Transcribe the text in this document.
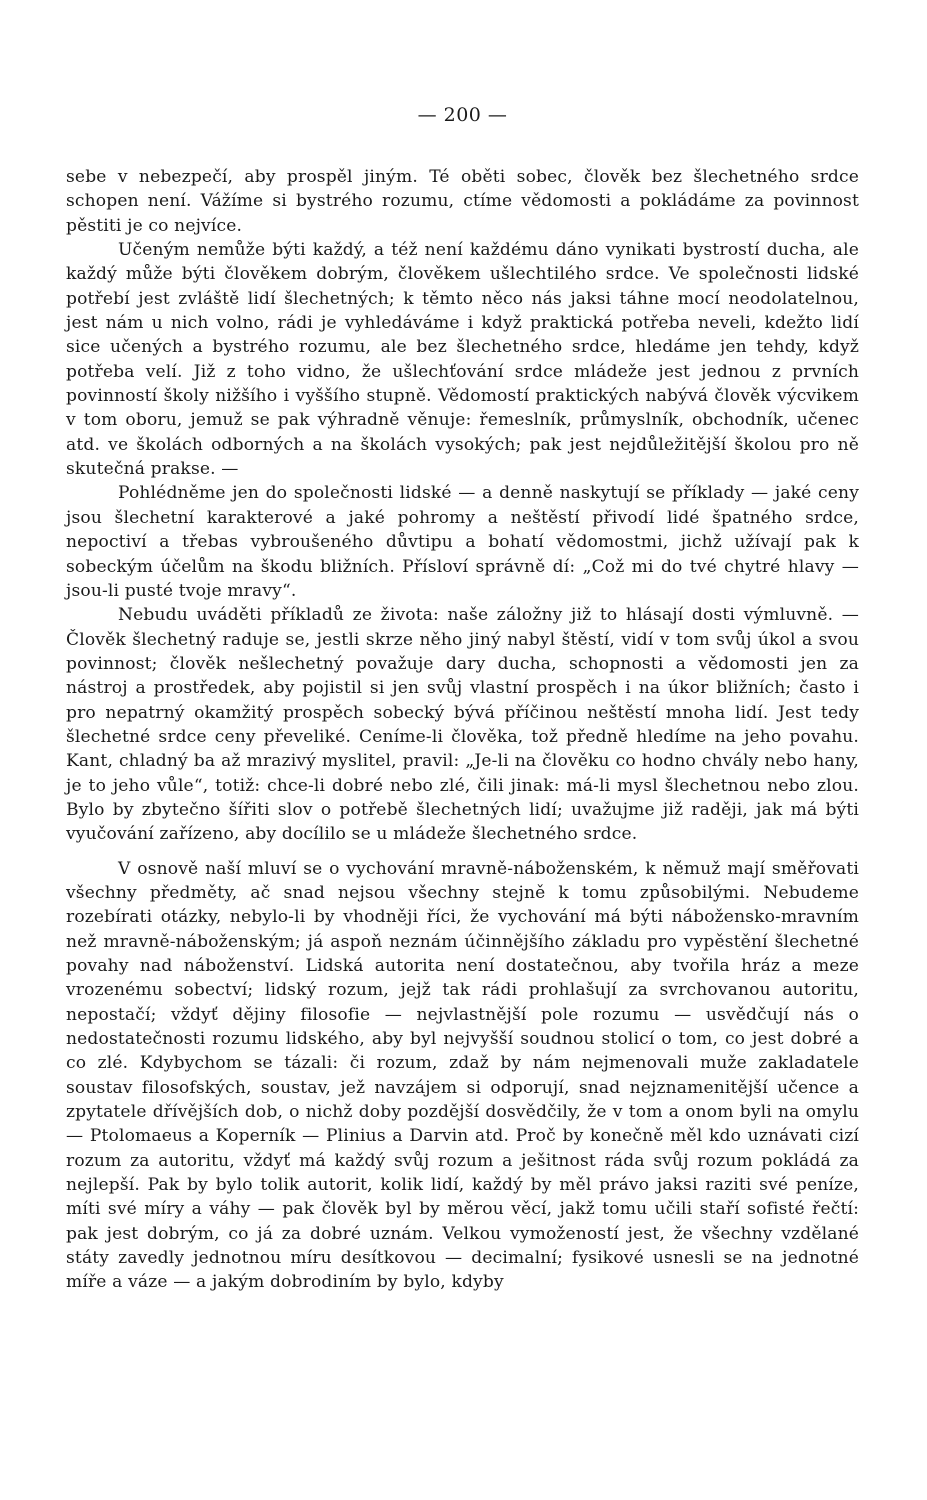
— 200 —

sebe v nebezpečí, aby prospěl jiným. Té oběti sobec, člověk bez šlechetného srdce schopen není. Vážíme si bystrého rozumu, ctíme vědomosti a pokládáme za povinnost pěstiti je co nejvíce.

Učeným nemůže býti každý, a též není každému dáno vynikati bystrostí ducha, ale každý může býti člověkem dobrým, člověkem ušlechtilého srdce. Ve společnosti lidské potřebí jest zvláště lidí šlechetných; k těmto něco nás jaksi táhne mocí neodolatelnou, jest nám u nich volno, rádi je vyhledáváme i když praktická potřeba neveli, kdežto lidí sice učených a bystrého rozumu, ale bez šlechetného srdce, hledáme jen tehdy, když potřeba velí. Již z toho vidno, že ušlechťování srdce mládeže jest jednou z prvních povinností školy nižšího i vyššího stupně. Vědomostí praktických nabývá člověk výcvikem v tom oboru, jemuž se pak výhradně věnuje: řemeslník, průmyslník, obchodník, učenec atd. ve školách odborných a na školách vysokých; pak jest nejdůležitější školou pro ně skutečná prakse. —

Pohlédněme jen do společnosti lidské — a denně naskytují se příklady — jaké ceny jsou šlechetní karakterové a jaké pohromy a neštěstí přivodí lidé špatného srdce, nepoctiví a třebas vybroušeného důvtipu a bohatí vědomostmi, jichž užívají pak k sobeckým účelům na škodu bližních. Přísloví správně dí: „Což mi do tvé chytré hlavy — jsou-li pusté tvoje mravy“.

Nebudu uváděti příkladů ze života: naše záložny již to hlásají dosti výmluvně. — Člověk šlechetný raduje se, jestli skrze něho jiný nabyl štěstí, vidí v tom svůj úkol a svou povinnost; člověk nešlechetný považuje dary ducha, schopnosti a vědomosti jen za nástroj a prostředek, aby pojistil si jen svůj vlastní prospěch i na úkor bližních; často i pro nepatrný okamžitý prospěch sobecký bývá příčinou neštěstí mnoha lidí. Jest tedy šlechetné srdce ceny převeliké. Ceníme-li člověka, tož předně hledíme na jeho povahu. Kant, chladný ba až mrazivý myslitel, pravil: „Je-li na člověku co hodno chvály nebo hany, je to jeho vůle“, totiž: chce-li dobré nebo zlé, čili jinak: má-li mysl šlechetnou nebo zlou. Bylo by zbytečno šířiti slov o potřebě šlechetných lidí; uvažujme již raději, jak má býti vyučování zařízeno, aby docílilo se u mládeže šlechetného srdce.

V osnově naší mluví se o vychování mravně-náboženském, k němuž mají směřovati všechny předměty, ač snad nejsou všechny stejně k tomu způsobilými. Nebudeme rozebírati otázky, nebylo-li by vhodněji říci, že vychování má býti nábožensko-mravním než mravně-náboženským; já aspoň neznám účinnějšího základu pro vypěstění šlechetné povahy nad náboženství. Lidská autorita není dostatečnou, aby tvořila hráz a meze vrozenému sobectví; lidský rozum, jejž tak rádi prohlašují za svrchovanou autoritu, nepostačí; vždyť dějiny filosofie — nejvlastnější pole rozumu — usvědčují nás o nedostatečnosti rozumu lidského, aby byl nejvyšší soudnou stolicí o tom, co jest dobré a co zlé. Kdybychom se tázali: či rozum, zdaž by nám nejmenovali muže zakladatele soustav filosofských, soustav, jež navzájem si odporují, snad nejznamenitější učence a zpytatele dřívějších dob, o nichž doby pozdější dosvědčily, že v tom a onom byli na omylu — Ptolomaeus a Koperník — Plinius a Darvin atd. Proč by konečně měl kdo uznávati cizí rozum za autoritu, vždyť má každý svůj rozum a ješitnost ráda svůj rozum pokládá za nejlepší. Pak by bylo tolik autorit, kolik lidí, každý by měl právo jaksi raziti své peníze, míti své míry a váhy — pak člověk byl by měrou věcí, jakž tomu učili staří sofisté řečtí: pak jest dobrým, co já za dobré uznám. Velkou vymožeností jest, že všechny vzdělané státy zavedly jednotnou míru desítkovou — decimalní; fysikové usnesli se na jednotné míře a váze — a jakým dobrodiním by bylo, kdyby
